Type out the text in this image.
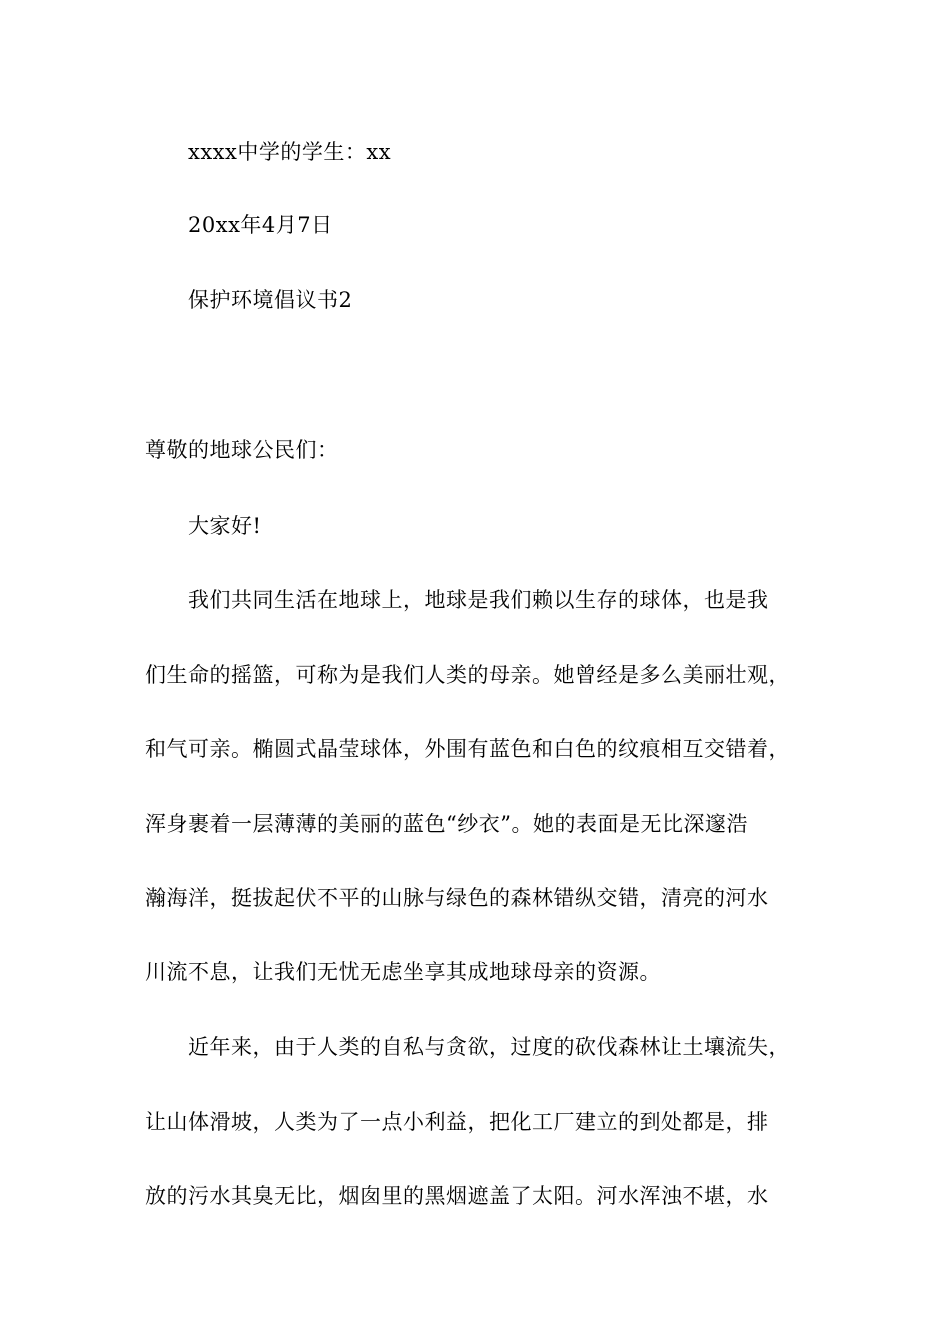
xxxx中学的学生：xx
20xx年4月7日
保护环境倡议书2
尊敬的地球公民们：
大家好!
我们共同生活在地球上，地球是我们赖以生存的球体，也是我
们生命的摇篮，可称为是我们人类的母亲。她曾经是多么美丽壮观，
和气可亲。椭圆式晶莹球体，外围有蓝色和白色的纹痕相互交错着，
浑身裹着一层薄薄的美丽的蓝色“纱衣”。她的表面是无比深邃浩
瀚海洋，挺拔起伏不平的山脉与绿色的森林错纵交错，清亮的河水
川流不息，让我们无忧无虑坐享其成地球母亲的资源。
近年来，由于人类的自私与贪欲，过度的砍伐森林让土壤流失，
让山体滑坡，人类为了一点小利益，把化工厂建立的到处都是，排
放的污水其臭无比，烟囱里的黑烟遮盖了太阳。河水浑浊不堪，水
